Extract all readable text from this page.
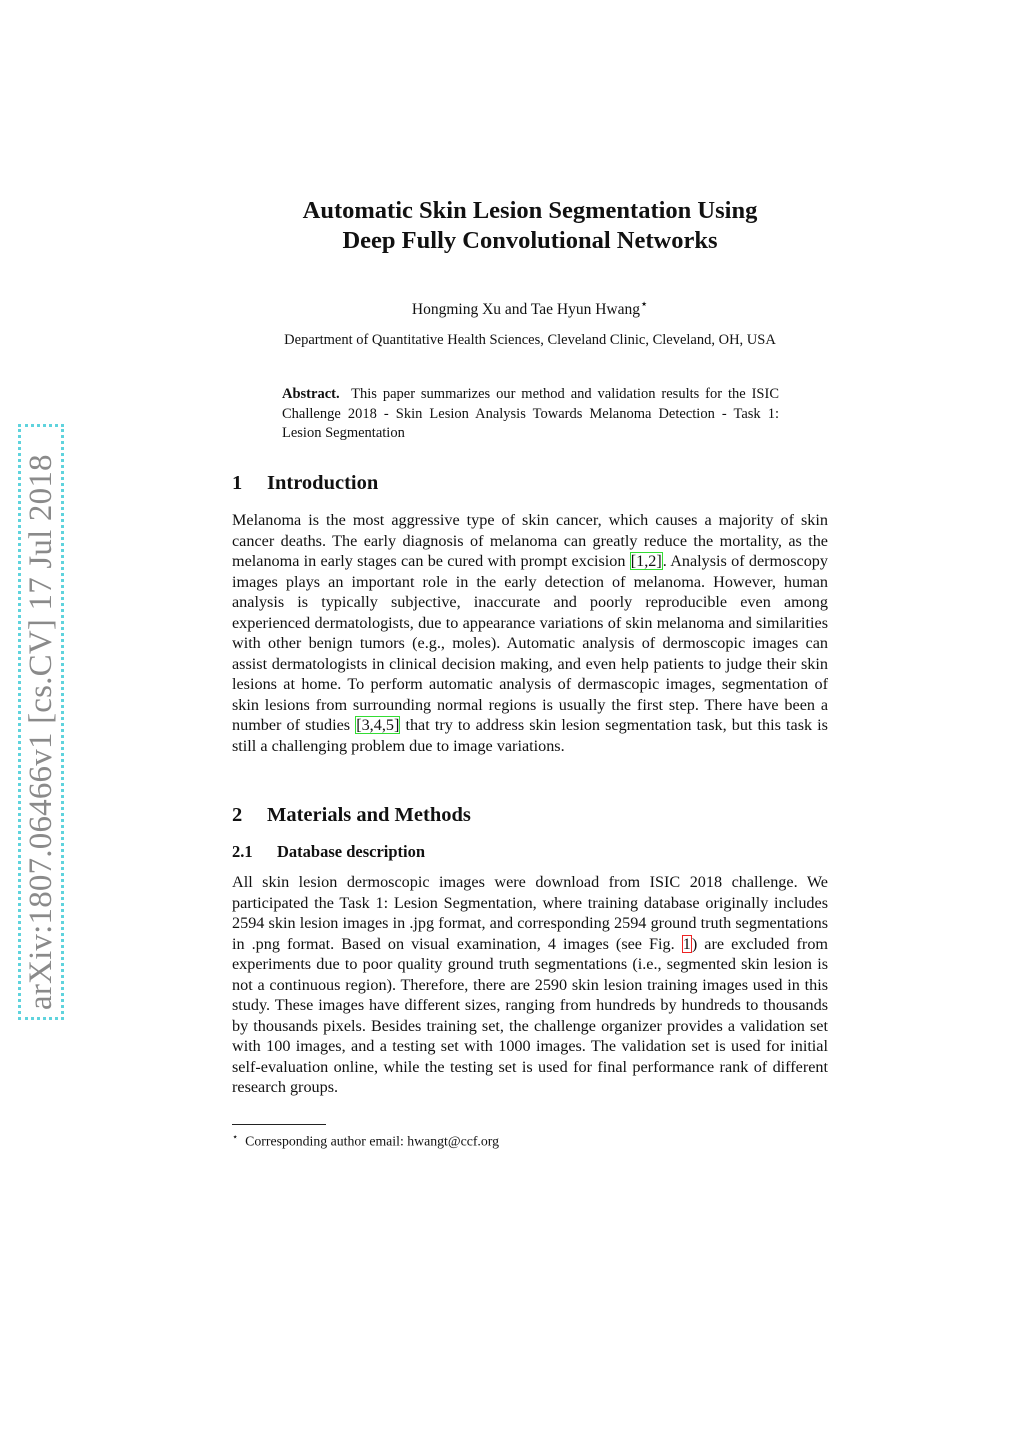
arXiv:1807.06466v1 [cs.CV] 17 Jul 2018
Automatic Skin Lesion Segmentation Using
Deep Fully Convolutional Networks
Hongming Xu and Tae Hyun Hwang⋆
Department of Quantitative Health Sciences, Cleveland Clinic, Cleveland, OH, USA
Abstract. This paper summarizes our method and validation results for the ISIC Challenge 2018 - Skin Lesion Analysis Towards Melanoma Detection - Task 1: Lesion Segmentation
1 Introduction
Melanoma is the most aggressive type of skin cancer, which causes a majority of skin cancer deaths. The early diagnosis of melanoma can greatly reduce the mortality, as the melanoma in early stages can be cured with prompt excision [1,2]. Analysis of dermoscopy images plays an important role in the early detection of melanoma. However, human analysis is typically subjective, inaccurate and poorly reproducible even among experienced dermatologists, due to appearance variations of skin melanoma and similarities with other benign tumors (e.g., moles). Automatic analysis of dermoscopic images can assist dermatologists in clinical decision making, and even help patients to judge their skin lesions at home. To perform automatic analysis of dermascopic images, segmentation of skin lesions from surrounding normal regions is usually the first step. There have been a number of studies [3,4,5] that try to address skin lesion segmentation task, but this task is still a challenging problem due to image variations.
2 Materials and Methods
2.1 Database description
All skin lesion dermoscopic images were download from ISIC 2018 challenge. We participated the Task 1: Lesion Segmentation, where training database originally includes 2594 skin lesion images in .jpg format, and corresponding 2594 ground truth segmentations in .png format. Based on visual examination, 4 images (see Fig. 1) are excluded from experiments due to poor quality ground truth segmentations (i.e., segmented skin lesion is not a continuous region). Therefore, there are 2590 skin lesion training images used in this study. These images have different sizes, ranging from hundreds by hundreds to thousands by thousands pixels. Besides training set, the challenge organizer provides a validation set with 100 images, and a testing set with 1000 images. The validation set is used for initial self-evaluation online, while the testing set is used for final performance rank of different research groups.
⋆ Corresponding author email: hwangt@ccf.org
